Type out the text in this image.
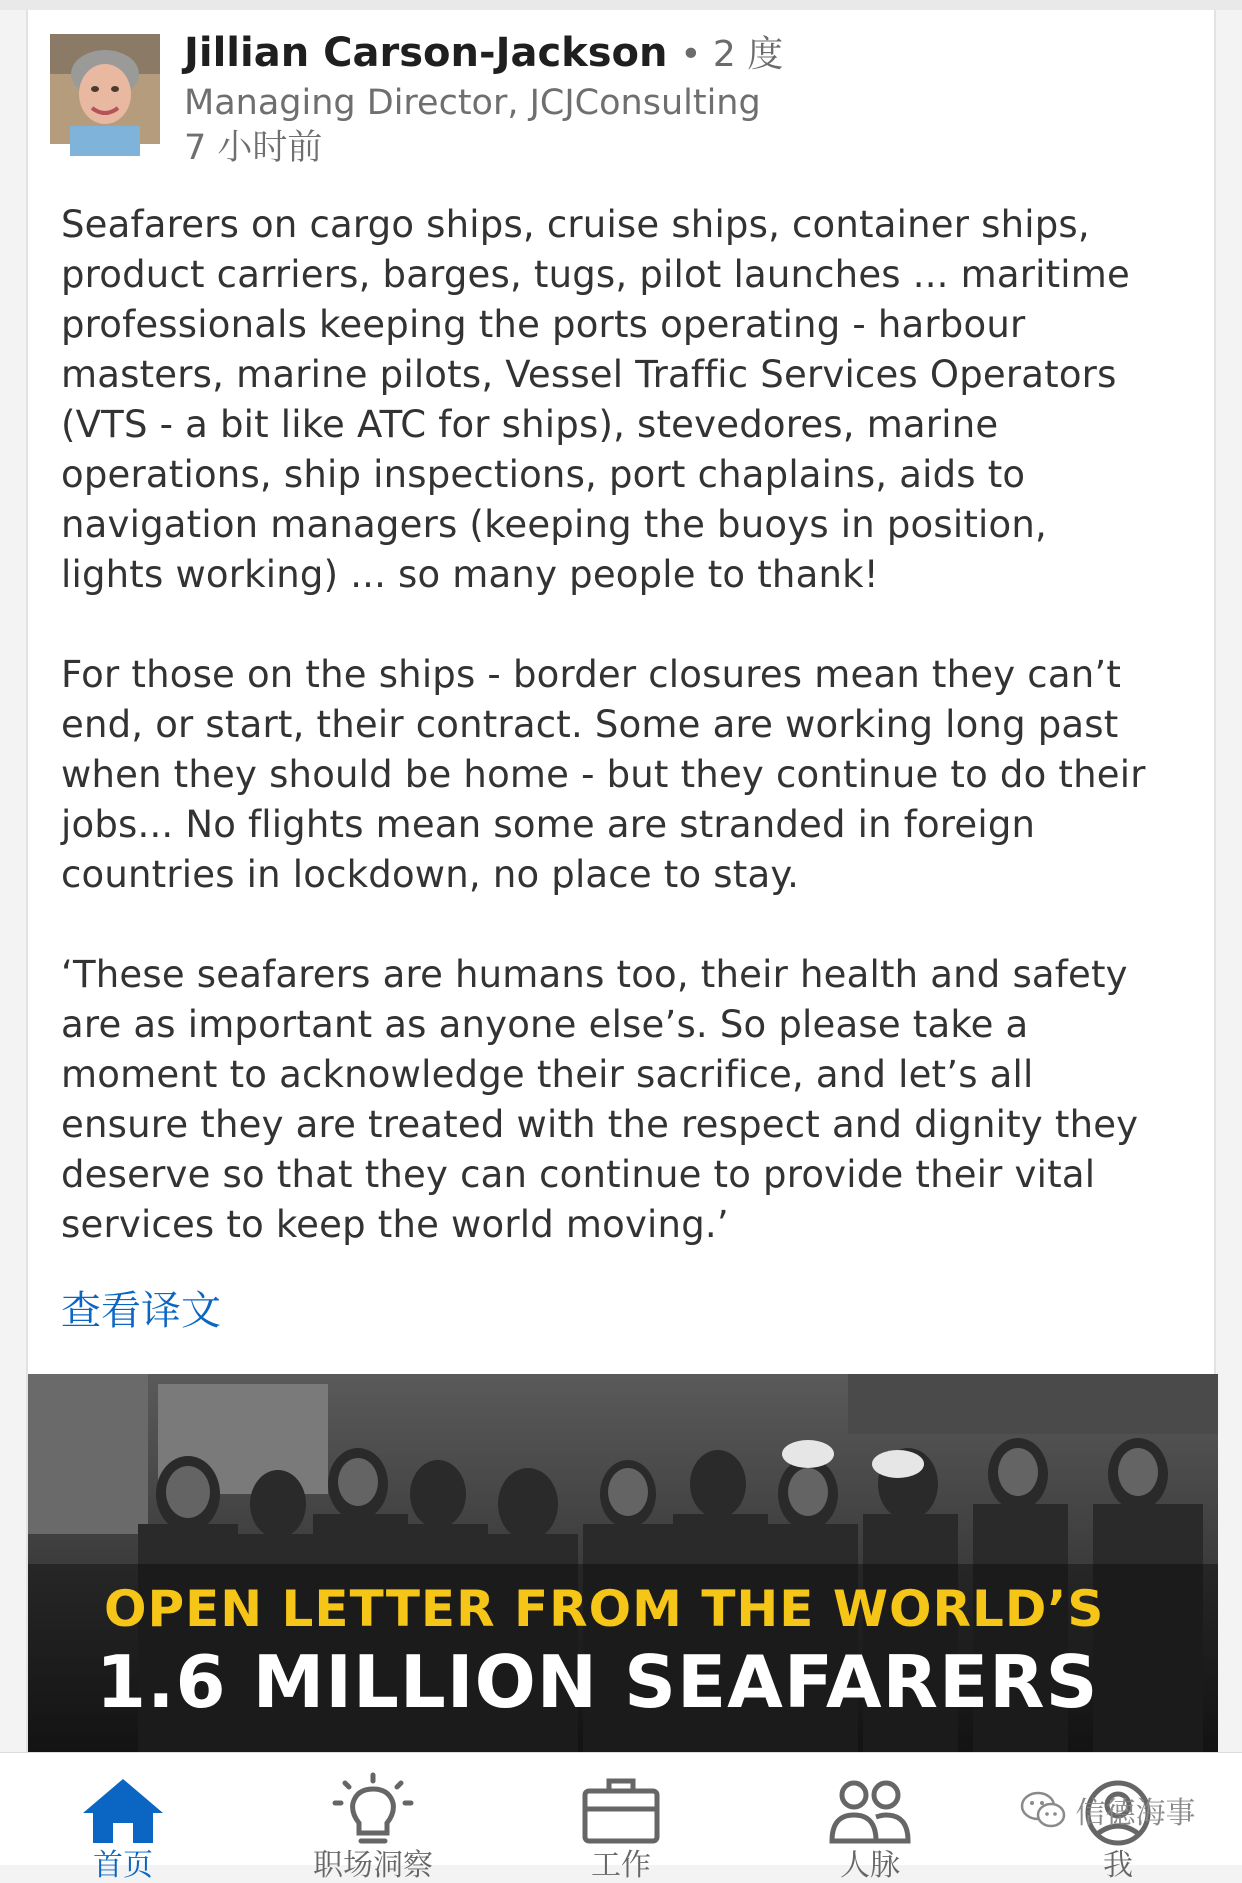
Jillian Carson-Jackson • 2 度
Managing Director, JCJConsulting
7 小时前

Seafarers on cargo ships, cruise ships, container ships,
product carriers, barges, tugs, pilot launches ... maritime
professionals keeping the ports operating - harbour
masters, marine pilots, Vessel Traffic Services Operators
(VTS - a bit like ATC for ships), stevedores, marine
operations, ship inspections, port chaplains, aids to
navigation managers (keeping the buoys in position,
lights working) ... so many people to thank!

For those on the ships - border closures mean they can’t
end, or start, their contract. Some are working long past
when they should be home - but they continue to do their
jobs... No flights mean some are stranded in foreign
countries in lockdown, no place to stay.

‘These seafarers are humans too, their health and safety
are as important as anyone else’s. So please take a
moment to acknowledge their sacrifice, and let’s all
ensure they are treated with the respect and dignity they
deserve so that they can continue to provide their vital
services to keep the world moving.’

查看译文
OPEN LETTER FROM THE WORLD’S
1.6 MILLION SEAFARERS
首页	职场洞察	工作	人脉	我
信德海事
